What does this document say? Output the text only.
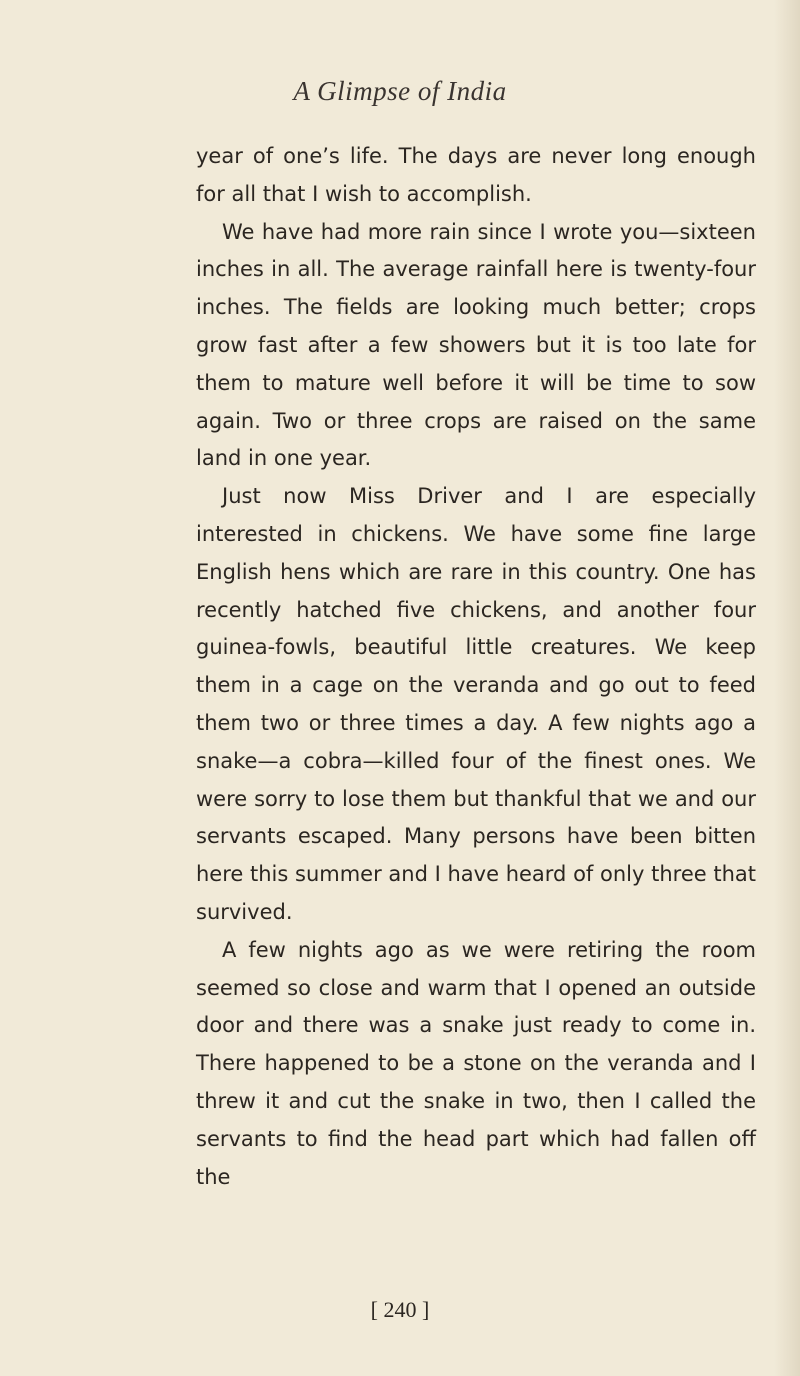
A Glimpse of India

year of one’s life. The days are never long enough for all that I wish to accomplish.

We have had more rain since I wrote you—sixteen inches in all. The average rainfall here is twenty-four inches. The fields are looking much better; crops grow fast after a few showers but it is too late for them to mature well before it will be time to sow again. Two or three crops are raised on the same land in one year.

Just now Miss Driver and I are especially interested in chickens. We have some fine large English hens which are rare in this country. One has recently hatched five chickens, and another four guinea-fowls, beautiful little creatures. We keep them in a cage on the veranda and go out to feed them two or three times a day. A few nights ago a snake—a cobra—killed four of the finest ones. We were sorry to lose them but thankful that we and our servants escaped. Many persons have been bitten here this summer and I have heard of only three that survived.

A few nights ago as we were retiring the room seemed so close and warm that I opened an outside door and there was a snake just ready to come in. There happened to be a stone on the veranda and I threw it and cut the snake in two, then I called the servants to find the head part which had fallen off the

[ 240 ]
